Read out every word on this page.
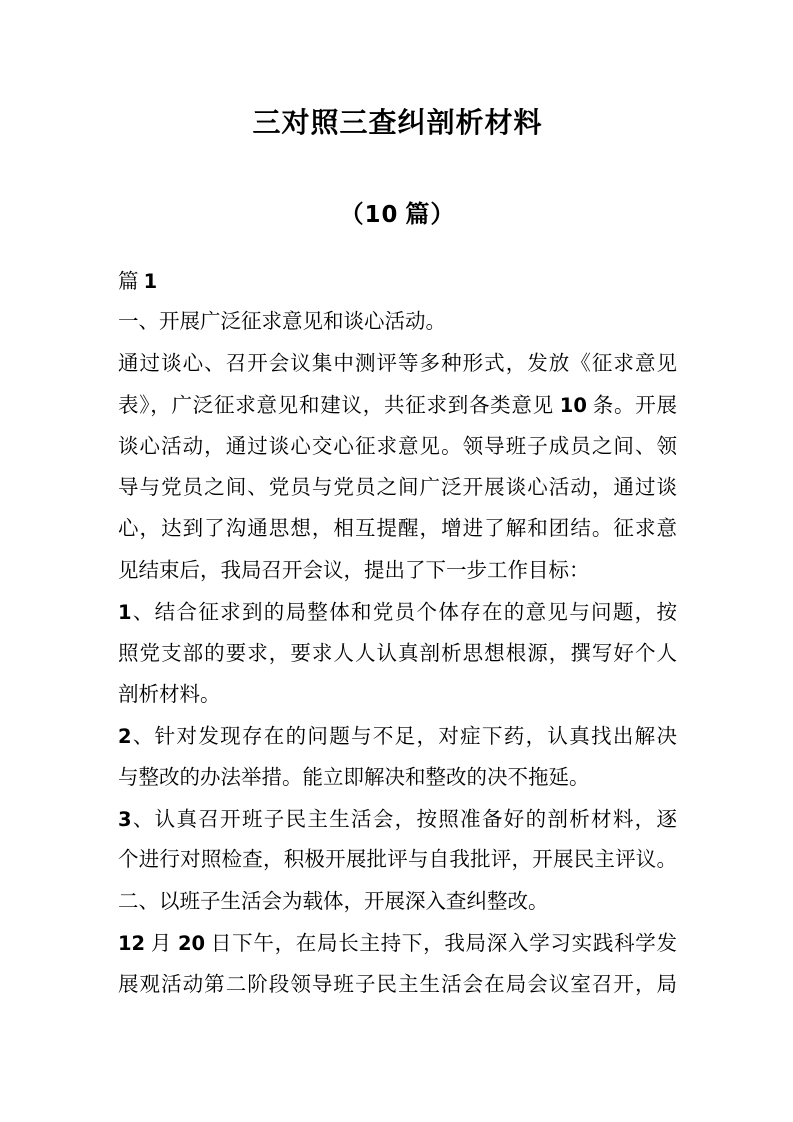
三对照三查纠剖析材料
（10 篇）
篇 1
一、开展广泛征求意见和谈心活动。
通过谈心、召开会议集中测评等多种形式，发放《征求意见
表》，广泛征求意见和建议，共征求到各类意见 10 条。开展
谈心活动，通过谈心交心征求意见。领导班子成员之间、领
导与党员之间、党员与党员之间广泛开展谈心活动，通过谈
心，达到了沟通思想，相互提醒，增进了解和团结。征求意
见结束后，我局召开会议，提出了下一步工作目标：
1、结合征求到的局整体和党员个体存在的意见与问题，按
照党支部的要求，要求人人认真剖析思想根源，撰写好个人
剖析材料。
2、针对发现存在的问题与不足，对症下药，认真找出解决
与整改的办法举措。能立即解决和整改的决不拖延。
3、认真召开班子民主生活会，按照准备好的剖析材料，逐
个进行对照检查，积极开展批评与自我批评，开展民主评议。
二、以班子生活会为载体，开展深入查纠整改。
12 月 20 日下午，在局长主持下，我局深入学习实践科学发
展观活动第二阶段领导班子民主生活会在局会议室召开，局
